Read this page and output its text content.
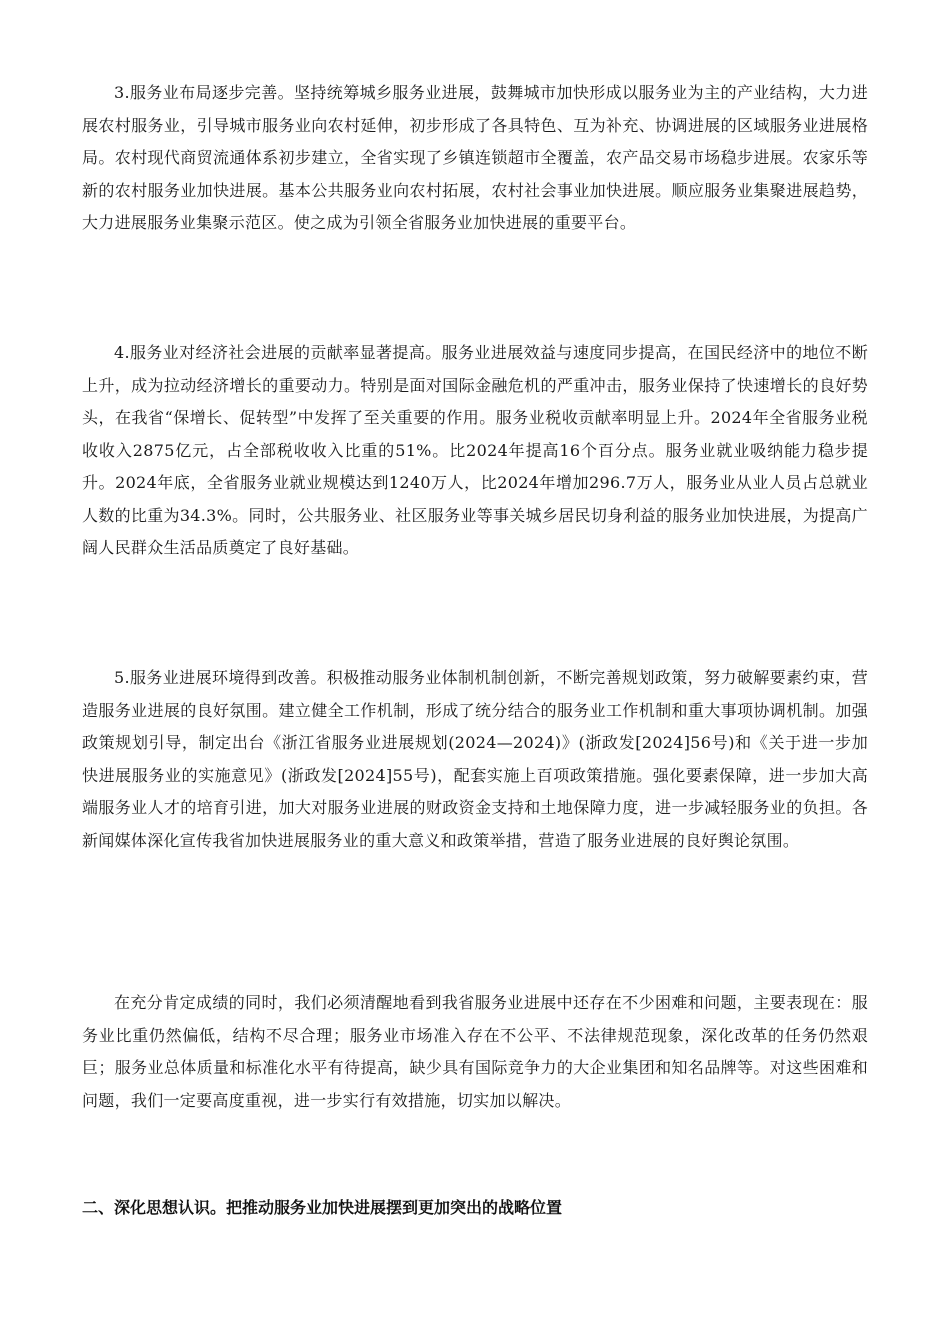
3.服务业布局逐步完善。坚持统筹城乡服务业进展，鼓舞城市加快形成以服务业为主的产业结构，大力进展农村服务业，引导城市服务业向农村延伸，初步形成了各具特色、互为补充、协调进展的区域服务业进展格局。农村现代商贸流通体系初步建立，全省实现了乡镇连锁超市全覆盖，农产品交易市场稳步进展。农家乐等新的农村服务业加快进展。基本公共服务业向农村拓展，农村社会事业加快进展。顺应服务业集聚进展趋势，大力进展服务业集聚示范区。使之成为引领全省服务业加快进展的重要平台。

4.服务业对经济社会进展的贡献率显著提高。服务业进展效益与速度同步提高，在国民经济中的地位不断上升，成为拉动经济增长的重要动力。特别是面对国际金融危机的严重冲击，服务业保持了快速增长的良好势头，在我省“保增长、促转型”中发挥了至关重要的作用。服务业税收贡献率明显上升。2024年全省服务业税收收入2875亿元，占全部税收收入比重的51%。比2024年提高16个百分点。服务业就业吸纳能力稳步提升。2024年底，全省服务业就业规模达到1240万人，比2024年增加296.7万人，服务业从业人员占总就业人数的比重为34.3%。同时，公共服务业、社区服务业等事关城乡居民切身利益的服务业加快进展，为提高广阔人民群众生活品质奠定了良好基础。

5.服务业进展环境得到改善。积极推动服务业体制机制创新，不断完善规划政策，努力破解要素约束，营造服务业进展的良好氛围。建立健全工作机制，形成了统分结合的服务业工作机制和重大事项协调机制。加强政策规划引导，制定出台《浙江省服务业进展规划(2024—2024)》(浙政发[2024]56号)和《关于进一步加快进展服务业的实施意见》(浙政发[2024]55号)，配套实施上百项政策措施。强化要素保障，进一步加大高端服务业人才的培育引进，加大对服务业进展的财政资金支持和土地保障力度，进一步减轻服务业的负担。各新闻媒体深化宣传我省加快进展服务业的重大意义和政策举措，营造了服务业进展的良好舆论氛围。

在充分肯定成绩的同时，我们必须清醒地看到我省服务业进展中还存在不少困难和问题，主要表现在：服务业比重仍然偏低，结构不尽合理；服务业市场准入存在不公平、不法律规范现象，深化改革的任务仍然艰巨；服务业总体质量和标准化水平有待提高，缺少具有国际竞争力的大企业集团和知名品牌等。对这些困难和问题，我们一定要高度重视，进一步实行有效措施，切实加以解决。

二、深化思想认识。把推动服务业加快进展摆到更加突出的战略位置
